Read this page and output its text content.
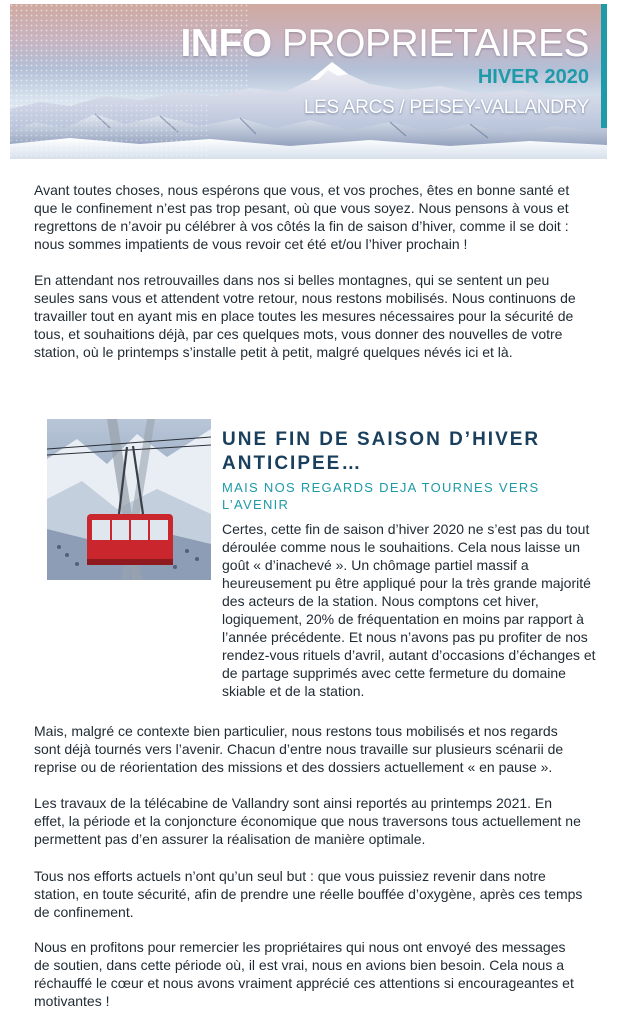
INFO PROPRIETAIRES
HIVER 2020
LES ARCS / PEISEY-VALLANDRY

Avant toutes choses, nous espérons que vous, et vos proches, êtes en bonne santé et que le confinement n’est pas trop pesant, où que vous soyez. Nous pensons à vous et regrettons de n’avoir pu célébrer à vos côtés la fin de saison d’hiver, comme il se doit : nous sommes impatients de vous revoir cet été et/ou l’hiver prochain !

En attendant nos retrouvailles dans nos si belles montagnes, qui se sentent un peu seules sans vous et attendent votre retour, nous restons mobilisés. Nous continuons de travailler tout en ayant mis en place toutes les mesures nécessaires pour la sécurité de tous, et souhaitions déjà, par ces quelques mots, vous donner des nouvelles de votre station, où le printemps s’installe petit à petit, malgré quelques névés ici et là.

UNE FIN DE SAISON D’HIVER ANTICIPEE…

MAIS NOS REGARDS DEJA TOURNES VERS L’AVENIR

Certes, cette fin de saison d’hiver 2020 ne s’est pas du tout déroulée comme nous le souhaitions. Cela nous laisse un goût « d’inachevé ». Un chômage partiel massif a heureusement pu être appliqué pour la très grande majorité des acteurs de la station. Nous comptons cet hiver, logiquement, 20% de fréquentation en moins par rapport à l’année précédente. Et nous n’avons pas pu profiter de nos rendez-vous rituels d’avril, autant d’occasions d’échanges et de partage supprimés avec cette fermeture du domaine skiable et de la station.

Mais, malgré ce contexte bien particulier, nous restons tous mobilisés et nos regards sont déjà tournés vers l’avenir. Chacun d’entre nous travaille sur plusieurs scénarii de reprise ou de réorientation des missions et des dossiers actuellement « en pause ».

Les travaux de la télécabine de Vallandry sont ainsi reportés au printemps 2021. En effet, la période et la conjoncture économique que nous traversons tous actuellement ne permettent pas d’en assurer la réalisation de manière optimale.

Tous nos efforts actuels n’ont qu’un seul but : que vous puissiez revenir dans notre station, en toute sécurité, afin de prendre une réelle bouffée d’oxygène, après ces temps de confinement.

Nous en profitons pour remercier les propriétaires qui nous ont envoyé des messages de soutien, dans cette période où, il est vrai, nous en avions bien besoin. Cela nous a réchauffé le cœur et nous avons vraiment apprécié ces attentions si encourageantes et motivantes !
